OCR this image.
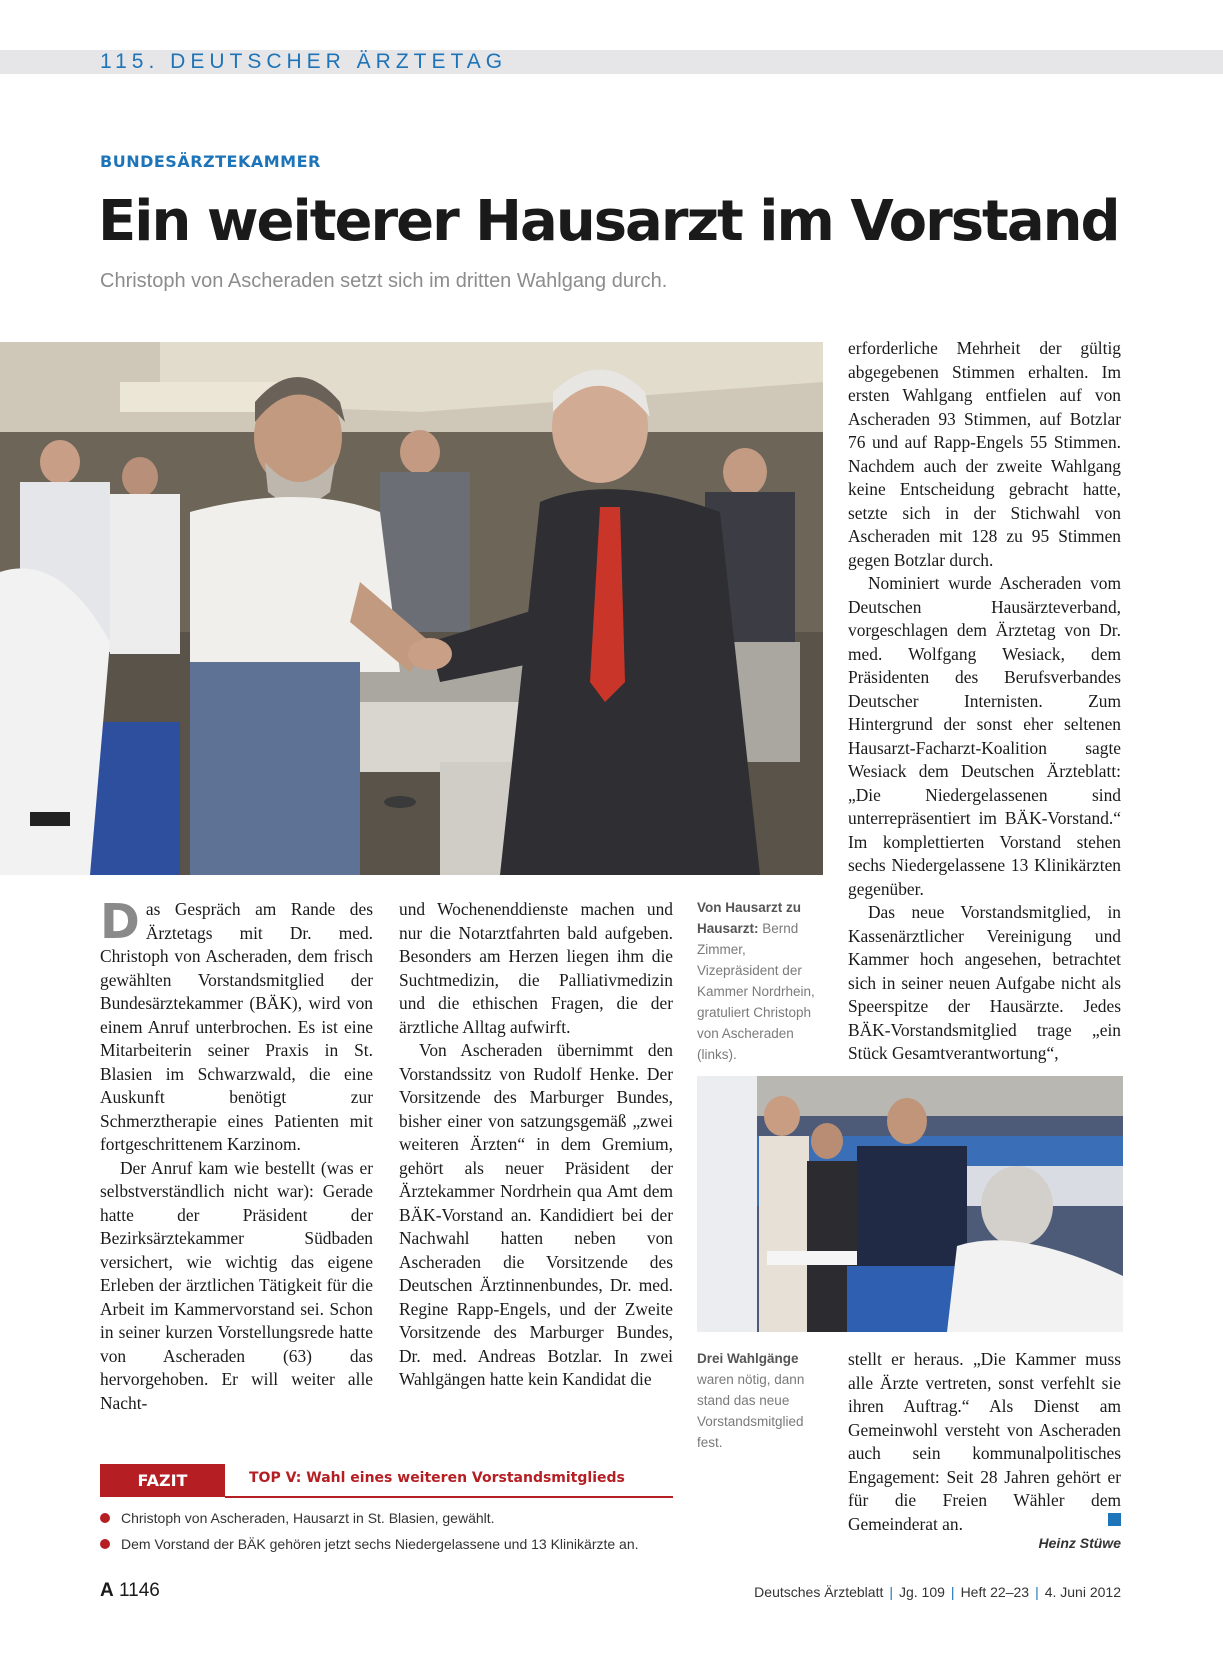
115. DEUTSCHER ÄRZTETAG
BUNDESÄRZTEKAMMER
Ein weiterer Hausarzt im Vorstand
Christoph von Ascheraden setzt sich im dritten Wahlgang durch.
Von Hausarzt zu Hausarzt: Bernd Zimmer, Vizepräsident der Kammer Nordrhein, gratuliert Christoph von Ascheraden (links).

Das Gespräch am Rande des Ärztetags mit Dr. med. Christoph von Ascheraden, dem frisch gewählten Vorstandsmitglied der Bundesärztekammer (BÄK), wird von einem Anruf unterbrochen. Es ist eine Mitarbeiterin seiner Praxis in St. Blasien im Schwarzwald, die eine Auskunft benötigt zur Schmerztherapie eines Patienten mit fortgeschrittenem Karzinom.

Der Anruf kam wie bestellt (was er selbstverständlich nicht war): Gerade hatte der Präsident der Bezirksärztekammer Südbaden versichert, wie wichtig das eigene Erleben der ärztlichen Tätigkeit für die Arbeit im Kammervorstand sei. Schon in seiner kurzen Vorstellungsrede hatte von Ascheraden (63) das hervorgehoben. Er will weiter alle Nacht-

und Wochenenddienste machen und nur die Notarztfahrten bald aufgeben. Besonders am Herzen liegen ihm die Suchtmedizin, die Palliativmedizin und die ethischen Fragen, die der ärztliche Alltag aufwirft.

Von Ascheraden übernimmt den Vorstandssitz von Rudolf Henke. Der Vorsitzende des Marburger Bundes, bisher einer von satzungsgemäß „zwei weiteren Ärzten“ in dem Gremium, gehört als neuer Präsident der Ärztekammer Nordrhein qua Amt dem BÄK-Vorstand an. Kandidiert bei der Nachwahl hatten neben von Ascheraden die Vorsitzende des Deutschen Ärztinnenbundes, Dr. med. Regine Rapp-Engels, und der Zweite Vorsitzende des Marburger Bundes, Dr. med. Andreas Botzlar. In zwei Wahlgängen hatte kein Kandidat die

erforderliche Mehrheit der gültig abgegebenen Stimmen erhalten. Im ersten Wahlgang entfielen auf von Ascheraden 93 Stimmen, auf Botzlar 76 und auf Rapp-Engels 55 Stimmen. Nachdem auch der zweite Wahlgang keine Entscheidung gebracht hatte, setzte sich in der Stichwahl von Ascheraden mit 128 zu 95 Stimmen gegen Botzlar durch.

Nominiert wurde Ascheraden vom Deutschen Hausärzteverband, vorgeschlagen dem Ärztetag von Dr. med. Wolfgang Wesiack, dem Präsidenten des Berufsverbandes Deutscher Internisten. Zum Hintergrund der sonst eher seltenen Hausarzt-Facharzt-Koalition sagte Wesiack dem Deutschen Ärzteblatt: „Die Niedergelassenen sind unterrepräsentiert im BÄK-Vorstand.“ Im komplettierten Vorstand stehen sechs Niedergelassene 13 Klinikärzten gegenüber.

Das neue Vorstandsmitglied, in Kassenärztlicher Vereinigung und Kammer hoch angesehen, betrachtet sich in seiner neuen Aufgabe nicht als Speerspitze der Hausärzte. Jedes BÄK-Vorstandsmitglied trage „ein Stück Gesamtverantwortung“,

Drei Wahlgänge waren nötig, dann stand das neue Vorstandsmitglied fest.

stellt er heraus. „Die Kammer muss alle Ärzte vertreten, sonst verfehlt sie ihren Auftrag.“ Als Dienst am Gemeinwohl versteht von Ascheraden auch sein kommunalpolitisches Engagement: Seit 28 Jahren gehört er für die Freien Wähler dem Gemeinderat an.

Heinz Stüwe
FAZIT	TOP V: Wahl eines weiteren Vorstandsmitglieds
Christoph von Ascheraden, Hausarzt in St. Blasien, gewählt.
Dem Vorstand der BÄK gehören jetzt sechs Niedergelassene und 13 Klinikärzte an.
A 1146	Deutsches Ärzteblatt | Jg. 109 | Heft 22–23 | 4. Juni 2012
